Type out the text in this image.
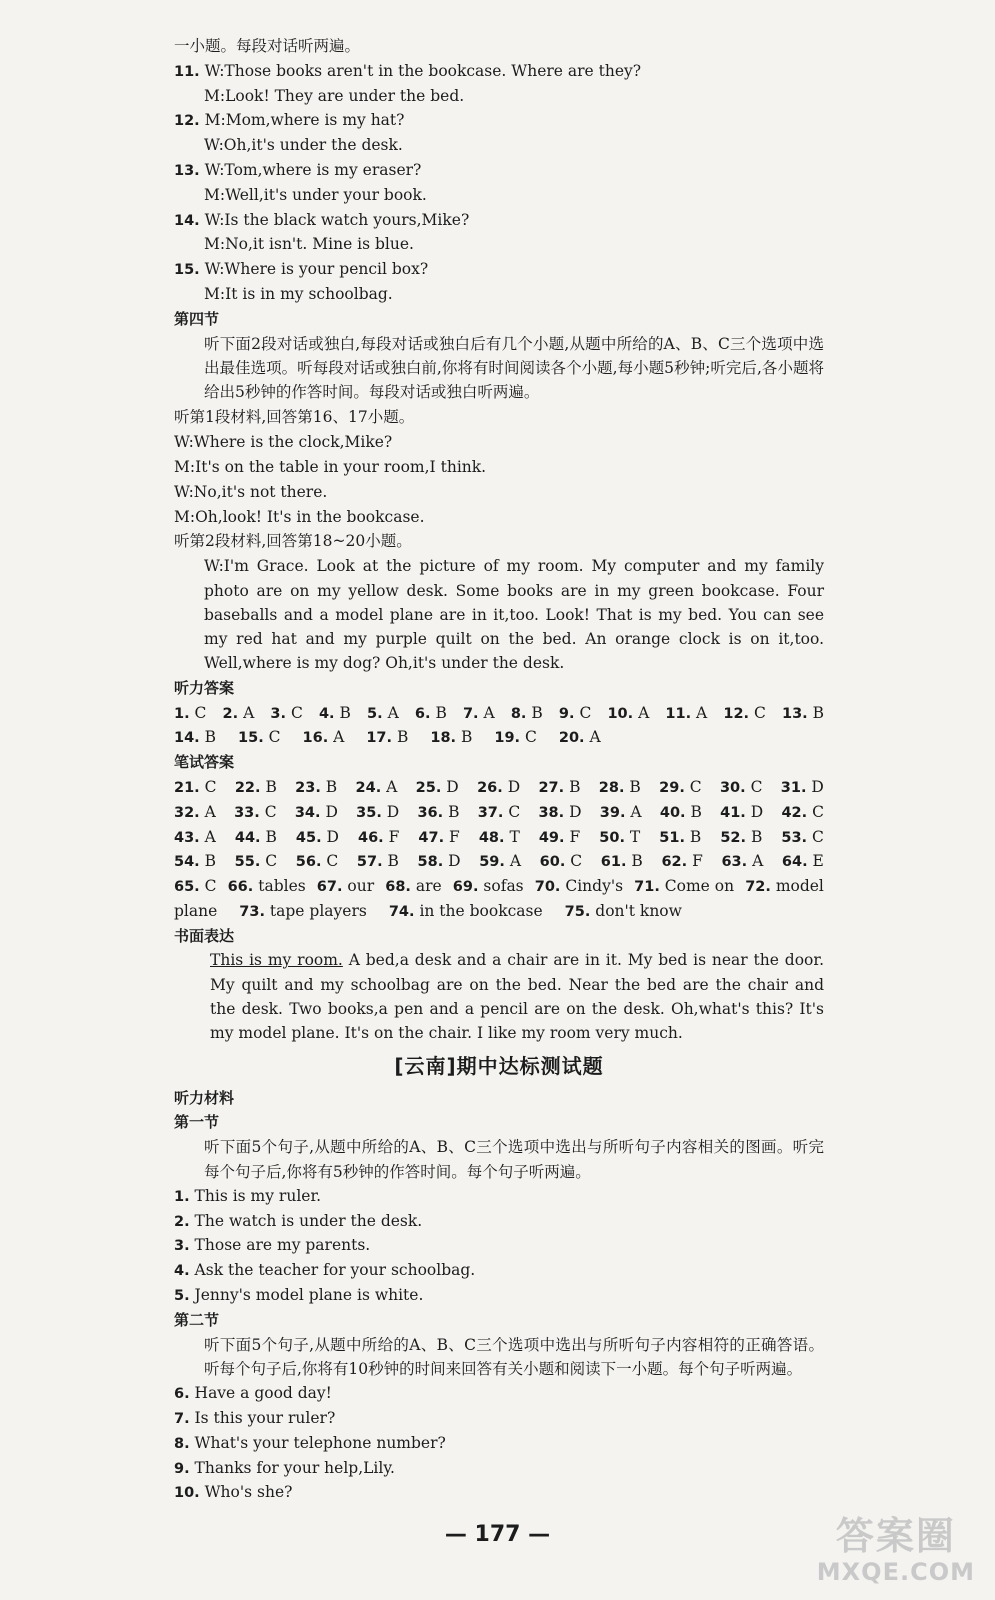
一小题。每段对话听两遍。
11. W:Those books aren't in the bookcase. Where are they?
M:Look! They are under the bed.
12. M:Mom,where is my hat?
W:Oh,it's under the desk.
13. W:Tom,where is my eraser?
M:Well,it's under your book.
14. W:Is the black watch yours,Mike?
M:No,it isn't. Mine is blue.
15. W:Where is your pencil box?
M:It is in my schoolbag.
第四节
听下面2段对话或独白,每段对话或独白后有几个小题,从题中所给的A、B、C三个选项中选出最佳选项。听每段对话或独白前,你将有时间阅读各个小题,每小题5秒钟;听完后,各小题将给出5秒钟的作答时间。每段对话或独白听两遍。
听第1段材料,回答第16、17小题。
W:Where is the clock,Mike?
M:It's on the table in your room,I think.
W:No,it's not there.
M:Oh,look! It's in the bookcase.
听第2段材料,回答第18~20小题。
W:I'm Grace. Look at the picture of my room. My computer and my family photo are on my yellow desk. Some books are in my green bookcase. Four baseballs and a model plane are in it,too. Look! That is my bed. You can see my red hat and my purple quilt on the bed. An orange clock is on it,too. Well,where is my dog? Oh,it's under the desk.
听力答案
1. C 2. A 3. C 4. B 5. A 6. B 7. A 8. B 9. C 10. A 11. A 12. C 13. B
14. B 15. C 16. A 17. B 18. B 19. C 20. A
笔试答案
21. C 22. B 23. B 24. A 25. D 26. D 27. B 28. B 29. C 30. C 31. D
32. A 33. C 34. D 35. D 36. B 37. C 38. D 39. A 40. B 41. D 42. C
43. A 44. B 45. D 46. F 47. F 48. T 49. F 50. T 51. B 52. B 53. C
54. B 55. C 56. C 57. B 58. D 59. A 60. C 61. B 62. F 63. A 64. E
65. C 66. tables 67. our 68. are 69. sofas 70. Cindy's 71. Come on 72. model
plane 73. tape players 74. in the bookcase 75. don't know
书面表达
This is my room. A bed,a desk and a chair are in it. My bed is near the door. My quilt and my schoolbag are on the bed. Near the bed are the chair and the desk. Two books,a pen and a pencil are on the desk. Oh,what's this? It's my model plane. It's on the chair. I like my room very much.
[云南]期中达标测试题
听力材料
第一节
听下面5个句子,从题中所给的A、B、C三个选项中选出与所听句子内容相关的图画。听完每个句子后,你将有5秒钟的作答时间。每个句子听两遍。
1. This is my ruler.
2. The watch is under the desk.
3. Those are my parents.
4. Ask the teacher for your schoolbag.
5. Jenny's model plane is white.
第二节
听下面5个句子,从题中所给的A、B、C三个选项中选出与所听句子内容相符的正确答语。听每个句子后,你将有10秒钟的时间来回答有关小题和阅读下一小题。每个句子听两遍。
6. Have a good day!
7. Is this your ruler?
8. What's your telephone number?
9. Thanks for your help,Lily.
10. Who's she?
— 177 —	答案圈
MXQE.COM
